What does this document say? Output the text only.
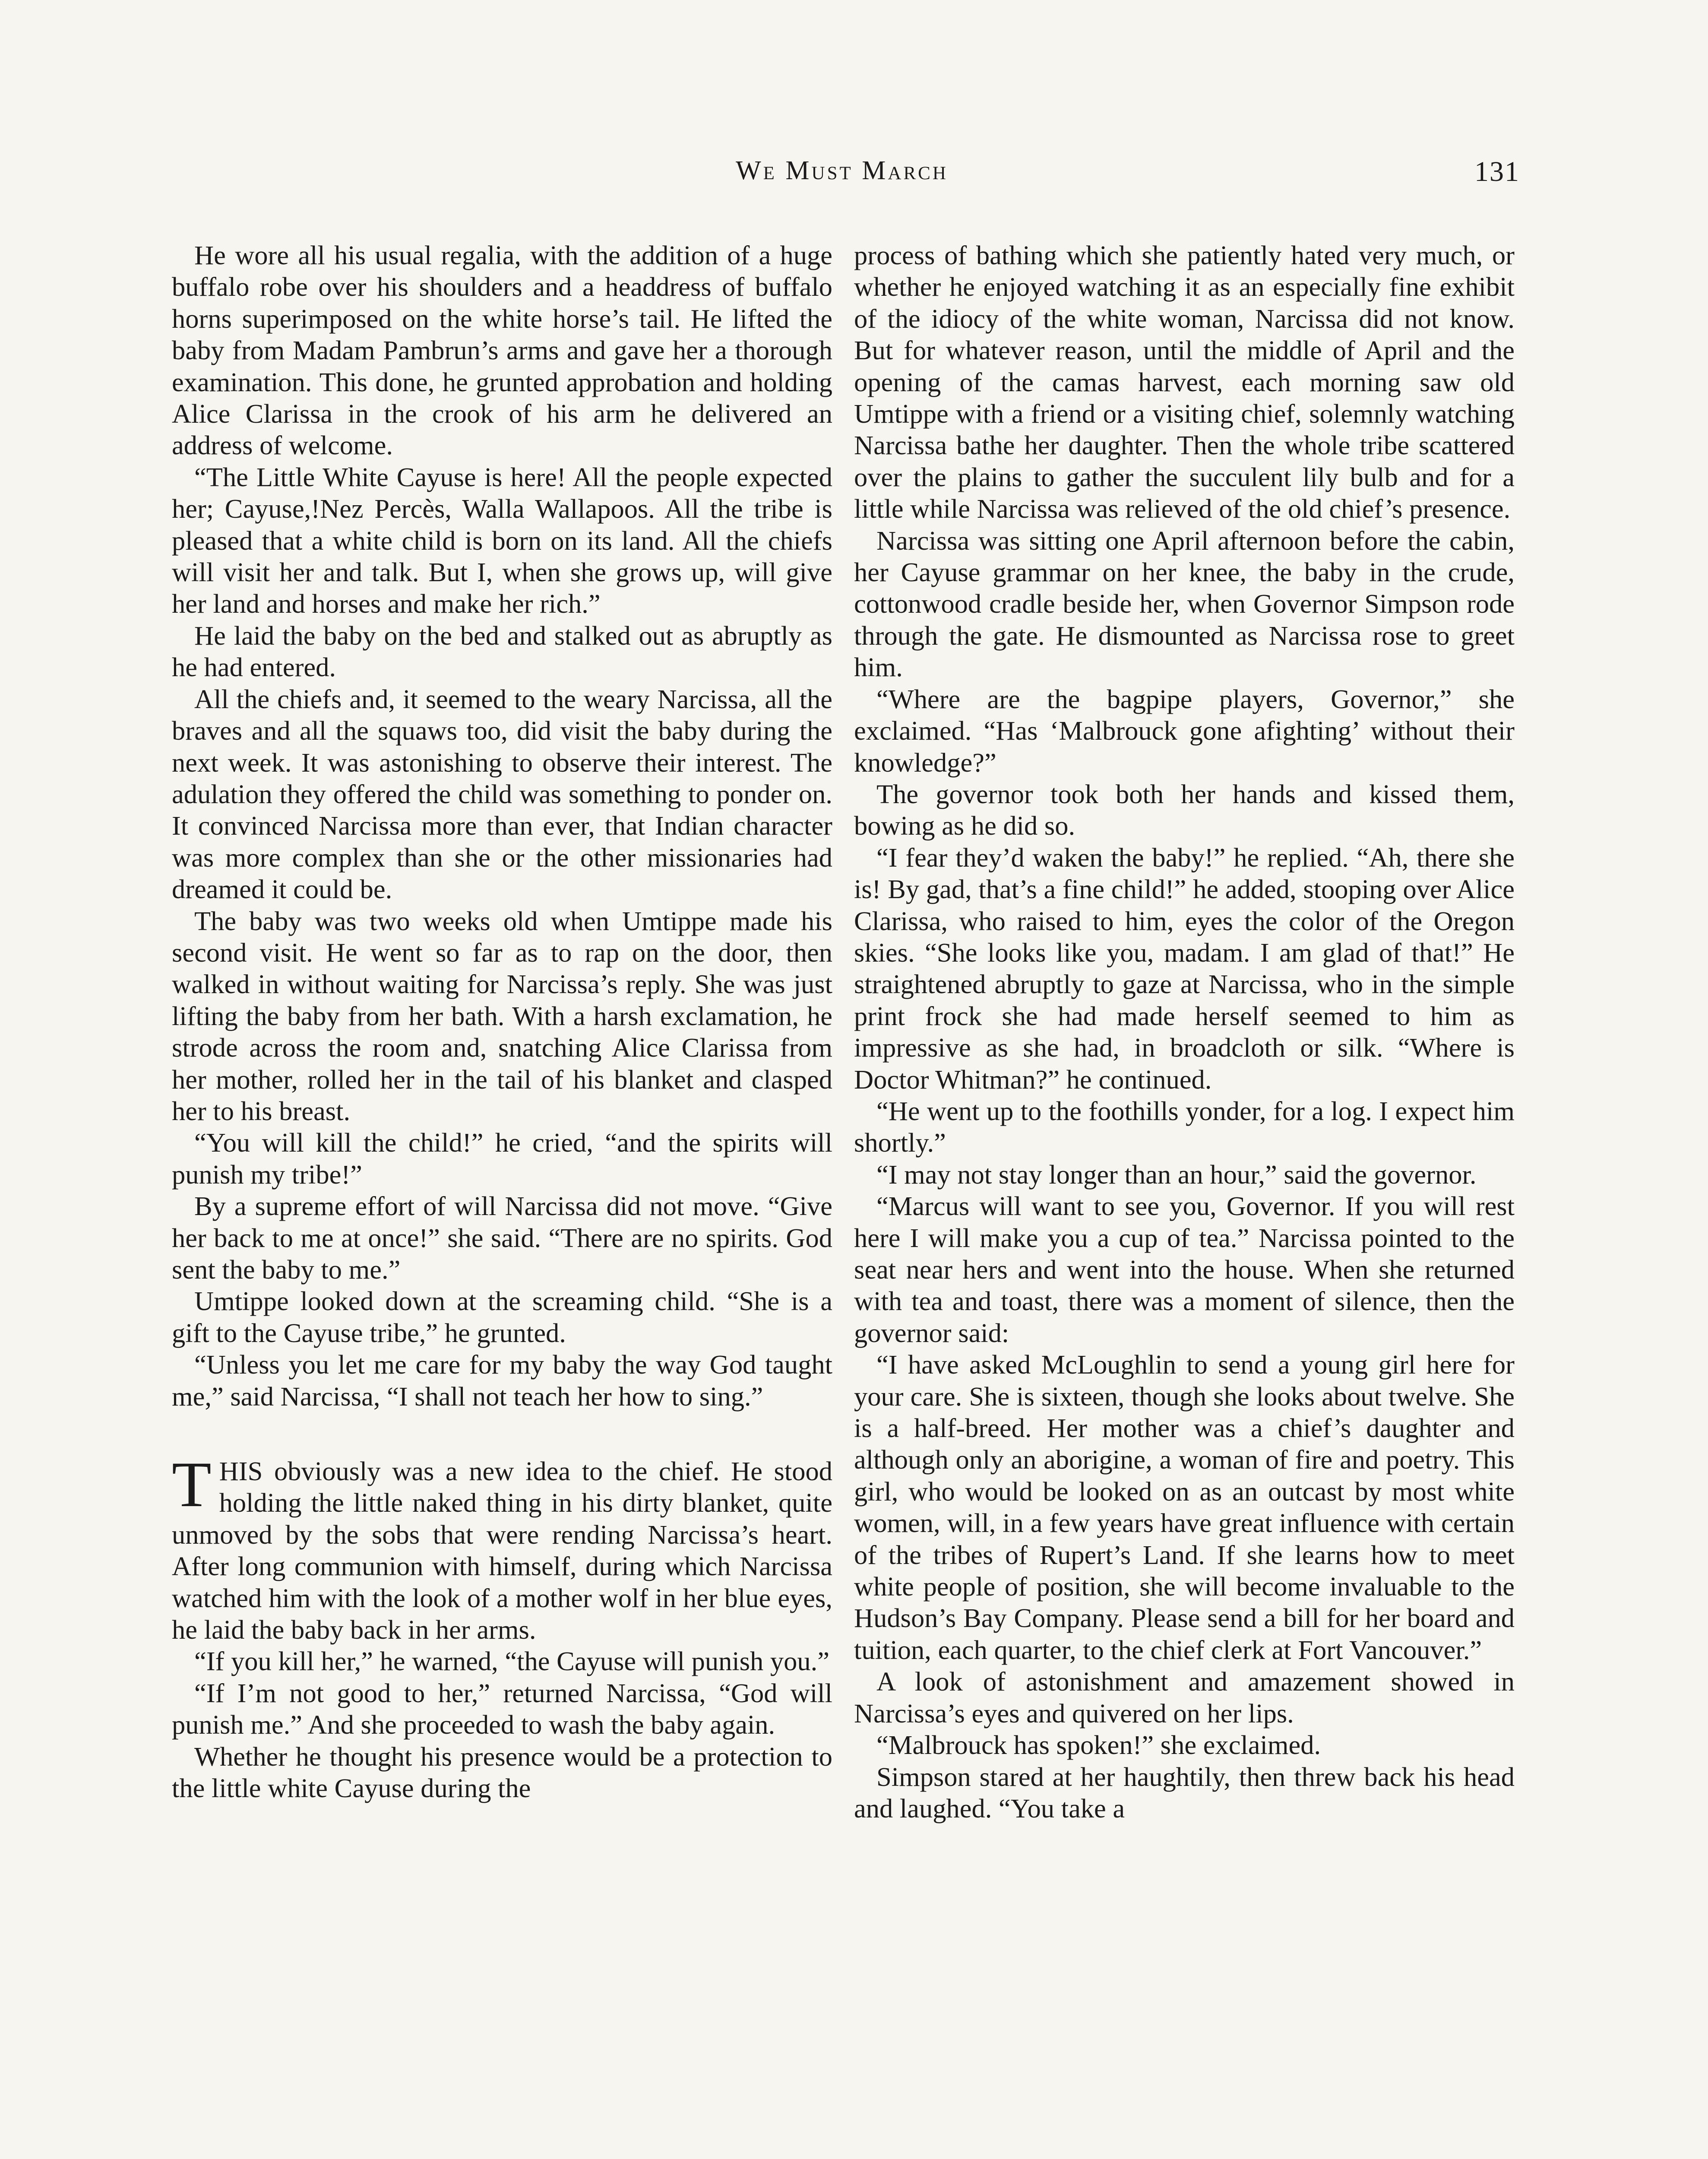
We Must March	131

He wore all his usual regalia, with the addition of a huge buffalo robe over his shoulders and a headdress of buffalo horns superimposed on the white horse’s tail. He lifted the baby from Madam Pambrun’s arms and gave her a thorough examination. This done, he grunted approbation and holding Alice Clarissa in the crook of his arm he delivered an address of welcome.

“The Little White Cayuse is here! All the people expected her; Cayuse,!Nez Percès, Walla Wallapoos. All the tribe is pleased that a white child is born on its land. All the chiefs will visit her and talk. But I, when she grows up, will give her land and horses and make her rich.”

He laid the baby on the bed and stalked out as abruptly as he had entered.

All the chiefs and, it seemed to the weary Narcissa, all the braves and all the squaws too, did visit the baby during the next week. It was astonishing to observe their interest. The adulation they offered the child was something to ponder on. It convinced Narcissa more than ever, that Indian character was more complex than she or the other missionaries had dreamed it could be.

The baby was two weeks old when Umtippe made his second visit. He went so far as to rap on the door, then walked in without waiting for Narcissa’s reply. She was just lifting the baby from her bath. With a harsh exclamation, he strode across the room and, snatching Alice Clarissa from her mother, rolled her in the tail of his blanket and clasped her to his breast.

“You will kill the child!” he cried, “and the spirits will punish my tribe!”

By a supreme effort of will Narcissa did not move. “Give her back to me at once!” she said. “There are no spirits. God sent the baby to me.”

Umtippe looked down at the screaming child. “She is a gift to the Cayuse tribe,” he grunted.

“Unless you let me care for my baby the way God taught me,” said Narcissa, “I shall not teach her how to sing.”

THIS obviously was a new idea to the chief. He stood holding the little naked thing in his dirty blanket, quite unmoved by the sobs that were rending Narcissa’s heart. After long communion with himself, during which Narcissa watched him with the look of a mother wolf in her blue eyes, he laid the baby back in her arms.

“If you kill her,” he warned, “the Cayuse will punish you.”

“If I’m not good to her,” returned Narcissa, “God will punish me.” And she proceeded to wash the baby again.

Whether he thought his presence would be a protection to the little white Cayuse during the

process of bathing which she patiently hated very much, or whether he enjoyed watching it as an especially fine exhibit of the idiocy of the white woman, Narcissa did not know. But for whatever reason, until the middle of April and the opening of the camas harvest, each morning saw old Umtippe with a friend or a visiting chief, solemnly watching Narcissa bathe her daughter. Then the whole tribe scattered over the plains to gather the succulent lily bulb and for a little while Narcissa was relieved of the old chief’s presence.

Narcissa was sitting one April afternoon before the cabin, her Cayuse grammar on her knee, the baby in the crude, cottonwood cradle beside her, when Governor Simpson rode through the gate. He dismounted as Narcissa rose to greet him.

“Where are the bagpipe players, Governor,” she exclaimed. “Has ‘Malbrouck gone afighting’ without their knowledge?”

The governor took both her hands and kissed them, bowing as he did so.

“I fear they’d waken the baby!” he replied. “Ah, there she is! By gad, that’s a fine child!” he added, stooping over Alice Clarissa, who raised to him, eyes the color of the Oregon skies. “She looks like you, madam. I am glad of that!” He straightened abruptly to gaze at Narcissa, who in the simple print frock she had made herself seemed to him as impressive as she had, in broadcloth or silk. “Where is Doctor Whitman?” he continued.

“He went up to the foothills yonder, for a log. I expect him shortly.”

“I may not stay longer than an hour,” said the governor.

“Marcus will want to see you, Governor. If you will rest here I will make you a cup of tea.” Narcissa pointed to the seat near hers and went into the house. When she returned with tea and toast, there was a moment of silence, then the governor said:

“I have asked McLoughlin to send a young girl here for your care. She is sixteen, though she looks about twelve. She is a half-breed. Her mother was a chief’s daughter and although only an aborigine, a woman of fire and poetry. This girl, who would be looked on as an outcast by most white women, will, in a few years have great influence with certain of the tribes of Rupert’s Land. If she learns how to meet white people of position, she will become invaluable to the Hudson’s Bay Company. Please send a bill for her board and tuition, each quarter, to the chief clerk at Fort Vancouver.”

A look of astonishment and amazement showed in Narcissa’s eyes and quivered on her lips.

“Malbrouck has spoken!” she exclaimed.

Simpson stared at her haughtily, then threw back his head and laughed. “You take a
